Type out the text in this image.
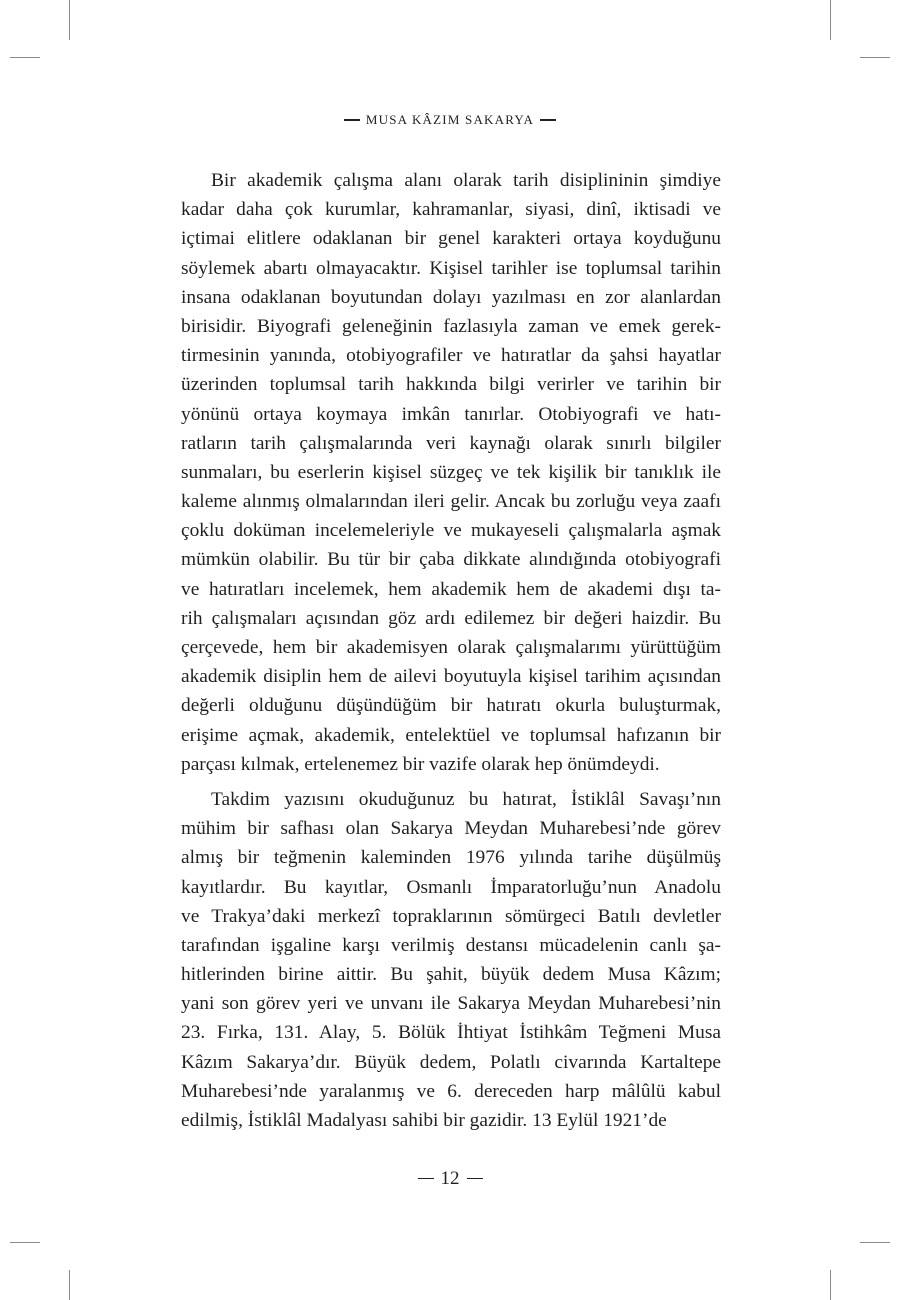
MUSA KÂZIM SAKARYA
Bir akademik çalışma alanı olarak tarih disiplininin şimdiye
kadar daha çok kurumlar, kahramanlar, siyasi, dinî, iktisadi ve
içtimai elitlere odaklanan bir genel karakteri ortaya koyduğunu
söylemek abartı olmayacaktır. Kişisel tarihler ise toplumsal tarihin
insana odaklanan boyutundan dolayı yazılması en zor alanlardan
birisidir. Biyografi geleneğinin fazlasıyla zaman ve emek gerek-
tirmesinin yanında, otobiyografiler ve hatıratlar da şahsi hayatlar
üzerinden toplumsal tarih hakkında bilgi verirler ve tarihin bir
yönünü ortaya koymaya imkân tanırlar. Otobiyografi ve hatı-
ratların tarih çalışmalarında veri kaynağı olarak sınırlı bilgiler
sunmaları, bu eserlerin kişisel süzgeç ve tek kişilik bir tanıklık ile
kaleme alınmış olmalarından ileri gelir. Ancak bu zorluğu veya zaafı
çoklu doküman incelemeleriyle ve mukayeseli çalışmalarla aşmak
mümkün olabilir. Bu tür bir çaba dikkate alındığında otobiyografi
ve hatıratları incelemek, hem akademik hem de akademi dışı ta-
rih çalışmaları açısından göz ardı edilemez bir değeri haizdir. Bu
çerçevede, hem bir akademisyen olarak çalışmalarımı yürüttüğüm
akademik disiplin hem de ailevi boyutuyla kişisel tarihim açısından
değerli olduğunu düşündüğüm bir hatıratı okurla buluşturmak,
erişime açmak, akademik, entelektüel ve toplumsal hafızanın bir
parçası kılmak, ertelenemez bir vazife olarak hep önümdeydi.
Takdim yazısını okuduğunuz bu hatırat, İstiklâl Savaşı’nın
mühim bir safhası olan Sakarya Meydan Muharebesi’nde görev
almış bir teğmenin kaleminden 1976 yılında tarihe düşülmüş
kayıtlardır. Bu kayıtlar, Osmanlı İmparatorluğu’nun Anadolu
ve Trakya’daki merkezî topraklarının sömürgeci Batılı devletler
tarafından işgaline karşı verilmiş destansı mücadelenin canlı şa-
hitlerinden birine aittir. Bu şahit, büyük dedem Musa Kâzım;
yani son görev yeri ve unvanı ile Sakarya Meydan Muharebesi’nin
23. Fırka, 131. Alay, 5. Bölük İhtiyat İstihkâm Teğmeni Musa
Kâzım Sakarya’dır. Büyük dedem, Polatlı civarında Kartaltepe
Muharebesi’nde yaralanmış ve 6. dereceden harp mâlûlü kabul
edilmiş, İstiklâl Madalyası sahibi bir gazidir. 13 Eylül 1921’de
12
